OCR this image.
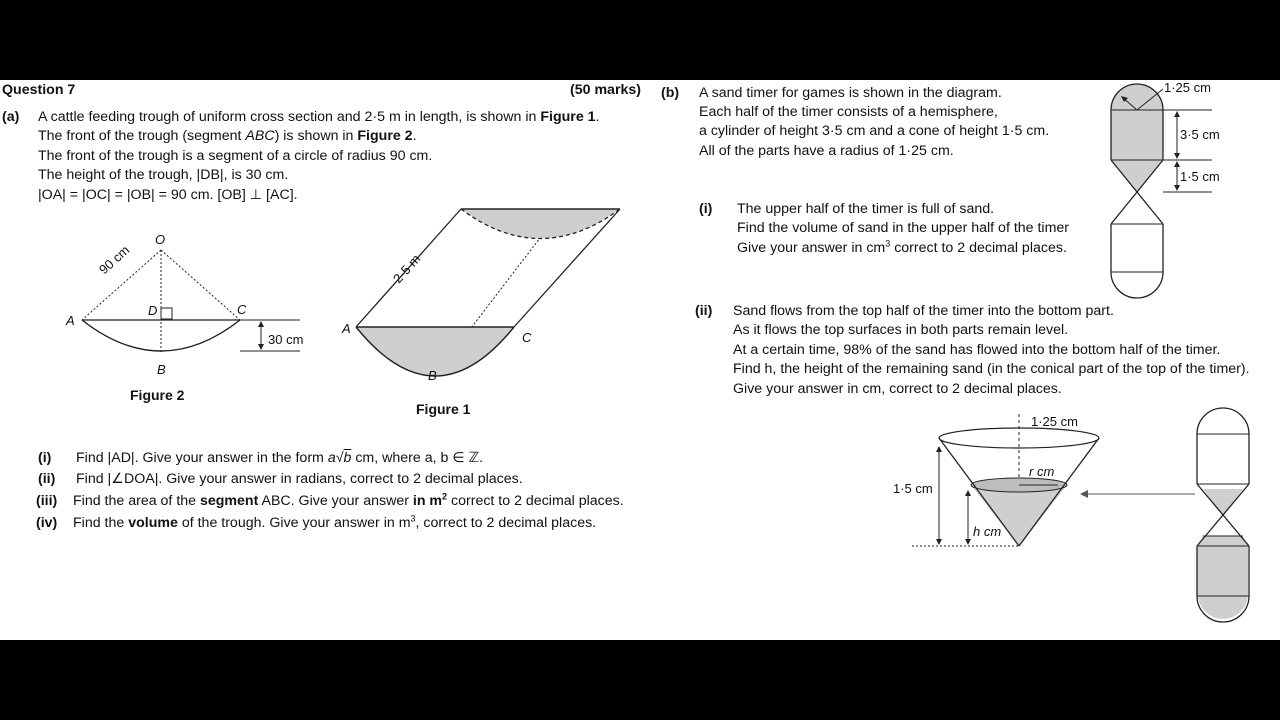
Question 7	(50 marks)
(a) A cattle feeding trough of uniform cross section and 2·5 m in length, is shown in Figure 1.
The front of the trough (segment ABC) is shown in Figure 2.
The front of the trough is a segment of a circle of radius 90 cm.
The height of the trough, |DB|, is 30 cm.
|OA| = |OC| = |OB| = 90 cm. [OB] ⊥ [AC].
O
A
D	C
B
90 cm
30 cm
Figure 2
2·5 m
A
C
B
Figure 1
(i) Find |AD|. Give your answer in the form a√b cm, where a, b ∈ ℤ.
(ii) Find |∠DOA|. Give your answer in radians, correct to 2 decimal places.
(iii) Find the area of the segment ABC. Give your answer in $m^2$ correct to 2 decimal places.
(iv) Find the volume of the trough. Give your answer in $m^3$, correct to 2 decimal places.
(b) A sand timer for games is shown in the diagram.
Each half of the timer consists of a hemisphere,
a cylinder of height 3·5 cm and a cone of height 1·5 cm.
All of the parts have a radius of 1·25 cm.
(i) The upper half of the timer is full of sand.
Find the volume of sand in the upper half of the timer
Give your answer in $cm^3$ correct to 2 decimal places.
(ii) Sand flows from the top half of the timer into the bottom part.
As it flows the top surfaces in both parts remain level.
At a certain time, 98% of the sand has flowed into the bottom half of the timer.
Find h, the height of the remaining sand (in the conical part of the top of the timer).
Give your answer in cm, correct to 2 decimal places.
1·25 cm
3·5 cm
1·5 cm
1·25 cm
r cm
1·5 cm
h cm
